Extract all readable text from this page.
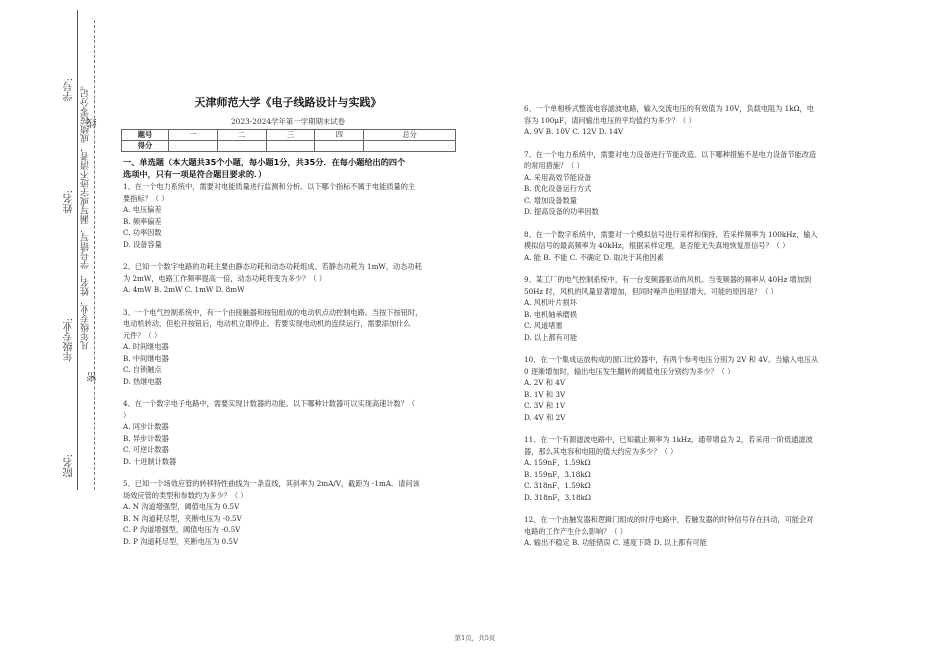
学号:
姓名:
年级专业:
院名:
凡年级专业、姓名、学号错写、漏写或字迹不清者，成绩按零分记。
线
密
天津师范大学《电子线路设计与实践》
2023-2024学年第一学期期末试卷
题号	一	二	三	四	总分
得分					
一、单选题（本大题共35个小题，每小题1分，共35分．在每小题给出的四个
选项中，只有一项是符合题目要求的．）
1、在一个电力系统中，需要对电能质量进行监测和分析。以下哪个指标不属于电能质量的主
要指标？（ ）
A. 电压偏差
B. 频率偏差
C. 功率因数
D. 设备容量
2、已知一个数字电路的功耗主要由静态功耗和动态功耗组成。若静态功耗为 1mW，动态功耗
为 2mW，电路工作频率提高一倍，动态功耗将变为多少？（ ）
A. 4mW B. 2mW C. 1mW D. 8mW
3、一个电气控制系统中，有一个由接触器和按钮组成的电动机点动控制电路。当按下按钮时，
电动机转动，但松开按钮后，电动机立即停止。若要实现电动机的连续运行，需要添加什么
元件？（ ）
A. 时间继电器
B. 中间继电器
C. 自锁触点
D. 热继电器
4、在一个数字电子电路中，需要实现计数器的功能。以下哪种计数器可以实现高速计数？（
）
A. 同步计数器
B. 异步计数器
C. 可逆计数器
D. 十进制计数器
5、已知一个场效应管的转移特性曲线为一条直线，其斜率为 2mA/V，截距为 -1mA。请问该
场效应管的类型和参数约为多少？（ ）
A. N 沟道增强型，阈值电压为 0.5V
B. N 沟道耗尽型，夹断电压为 -0.5V
C. P 沟道增强型，阈值电压为 -0.5V
D. P 沟道耗尽型，夹断电压为 0.5V
6、一个单相桥式整流电容滤波电路，输入交流电压的有效值为 10V，负载电阻为 1kΩ，电
容为 100μF，请问输出电压的平均值约为多少？（ ）
A. 9V B. 10V C. 12V D. 14V
7、在一个电力系统中，需要对电力设备进行节能改造。以下哪种措施不是电力设备节能改造
的常用措施？（ ）
A. 采用高效节能设备
B. 优化设备运行方式
C. 增加设备数量
D. 提高设备的功率因数
8、在一个数字系统中，需要对一个模拟信号进行采样和保持，若采样频率为 100kHz，输入
模拟信号的最高频率为 40kHz，根据采样定理，是否能无失真地恢复原信号？（ ）
A. 能 B. 不能 C. 不确定 D. 取决于其他因素
9、某工厂的电气控制系统中，有一台变频器驱动的风机。当变频器的频率从 40Hz 增加到
50Hz 时，风机的风量显著增加，但同时噪声也明显增大。可能的原因是？（ ）
A. 风机叶片损坏
B. 电机轴承磨损
C. 风道堵塞
D. 以上都有可能
10、在一个集成运放构成的窗口比较器中，有两个参考电压分别为 2V 和 4V。当输入电压从
0 逐渐增加时，输出电压发生翻转的阈值电压分别约为多少？（ ）
A. 2V 和 4V
B. 1V 和 3V
C. 3V 和 1V
D. 4V 和 2V
11、在一个有源滤波电路中，已知截止频率为 1kHz，通带增益为 2，若采用一阶低通滤波
器，那么其电容和电阻的值大约应为多少？（ ）
A. 159nF，1.59kΩ
B. 159nF，3.18kΩ
C. 318nF，1.59kΩ
D. 318nF，3.18kΩ
12、在一个由触发器和逻辑门组成的时序电路中，若触发器的时钟信号存在抖动，可能会对
电路的工作产生什么影响？（ ）
A. 输出不稳定 B. 功能错误 C. 速度下降 D. 以上都有可能
第1页，共5页
